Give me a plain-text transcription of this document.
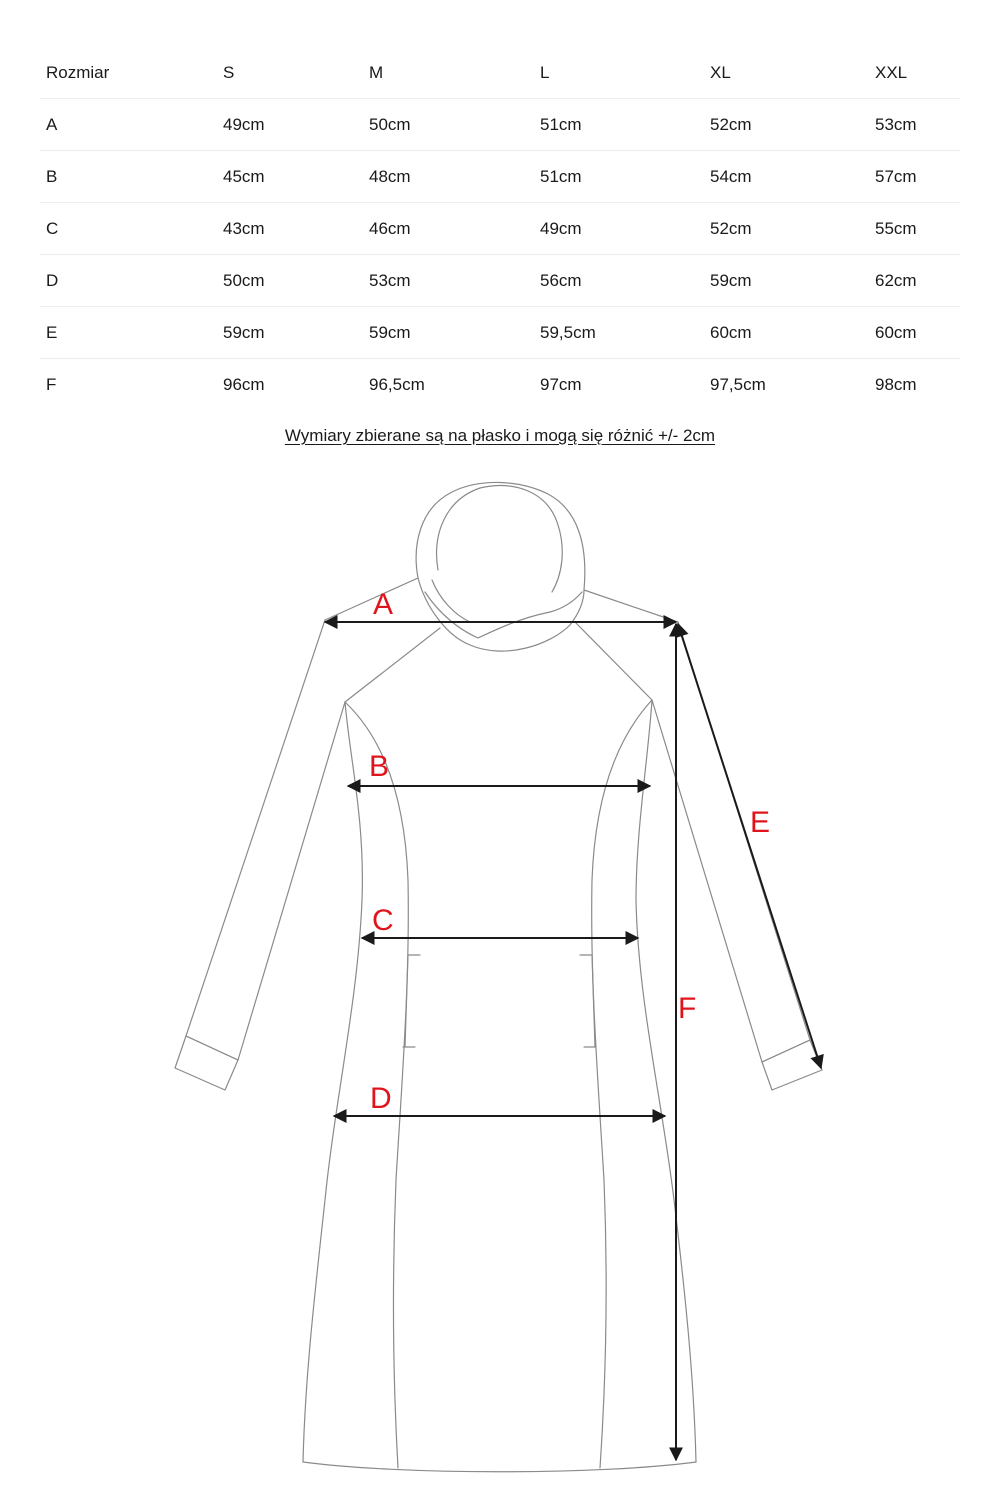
Rozmiar	S	M	L	XL	XXL
A	49cm	50cm	51cm	52cm	53cm
B	45cm	48cm	51cm	54cm	57cm
C	43cm	46cm	49cm	52cm	55cm
D	50cm	53cm	56cm	59cm	62cm
E	59cm	59cm	59,5cm	60cm	60cm
F	96cm	96,5cm	97cm	97,5cm	98cm
Wymiary zbierane są na płasko i mogą się różnić +/- 2cm
A
B
C
D
E
F
